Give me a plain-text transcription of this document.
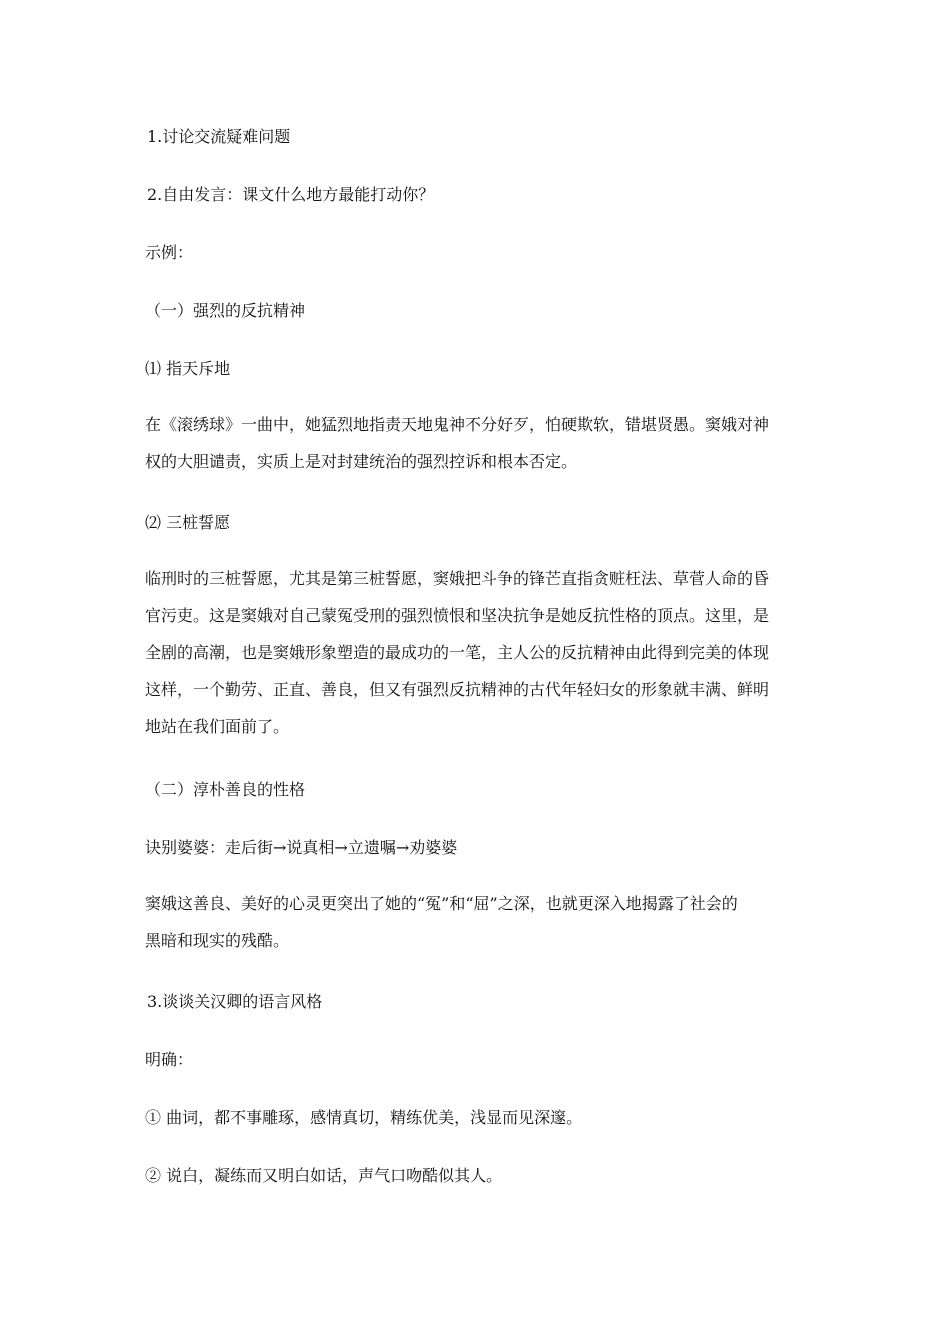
1.讨论交流疑难问题

2.自由发言：课文什么地方最能打动你？

示例：

（一）强烈的反抗精神

⑴ 指天斥地

在《滚绣球》一曲中，她猛烈地指责天地鬼神不分好歹，怕硬欺软，错堪贤愚。窦娥对神
权的大胆谴责，实质上是对封建统治的强烈控诉和根本否定。

⑵ 三桩誓愿

临刑时的三桩誓愿，尤其是第三桩誓愿，窦娥把斗争的锋芒直指贪赃枉法、草菅人命的昏
官污吏。这是窦娥对自己蒙冤受刑的强烈愤恨和坚决抗争是她反抗性格的顶点。这里，是
全剧的高潮，也是窦娥形象塑造的最成功的一笔，主人公的反抗精神由此得到完美的体现
这样，一个勤劳、正直、善良，但又有强烈反抗精神的古代年轻妇女的形象就丰满、鲜明
地站在我们面前了。

（二）淳朴善良的性格

诀别婆婆：走后街→说真相→立遗嘱→劝婆婆

窦娥这善良、美好的心灵更突出了她的“冤”和“屈”之深，也就更深入地揭露了社会的
黑暗和现实的残酷。

3.谈谈关汉卿的语言风格

明确：

① 曲词，都不事雕琢，感情真切，精练优美，浅显而见深邃。

② 说白，凝练而又明白如话，声气口吻酷似其人。
